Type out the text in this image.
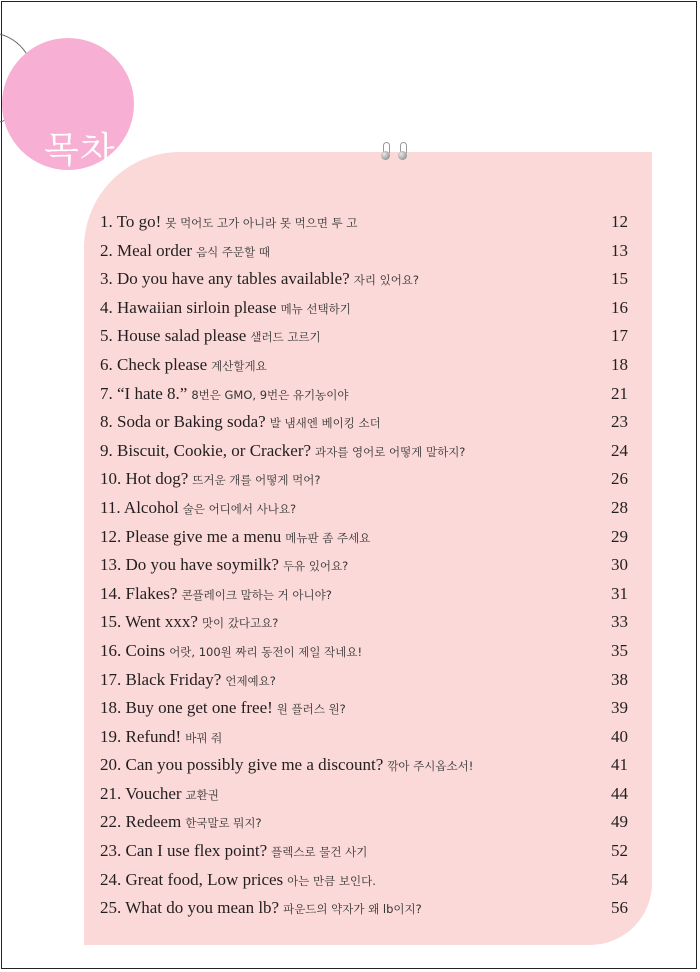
목차
1. To go! 못 먹어도 고가 아니라 못 먹으면 투 고	12
2. Meal order 음식 주문할 때	13
3. Do you have any tables available? 자리 있어요?	15
4. Hawaiian sirloin please 메뉴 선택하기	16
5. House salad please 샐러드 고르기	17
6. Check please 계산할게요	18
7. “I hate 8.” 8번은 GMO, 9번은 유기농이야	21
8. Soda or Baking soda? 발 냄새엔 베이킹 소더	23
9. Biscuit, Cookie, or Cracker? 과자를 영어로 어떻게 말하지?	24
10. Hot dog? 뜨거운 개를 어떻게 먹어?	26
11. Alcohol 술은 어디에서 사나요?	28
12. Please give me a menu 메뉴판 좀 주세요	29
13. Do you have soymilk? 두유 있어요?	30
14. Flakes? 콘플레이크 말하는 거 아니야?	31
15. Went xxx? 맛이 갔다고요?	33
16. Coins 어랏, 100원 짜리 동전이 제일 작네요!	35
17. Black Friday? 언제예요?	38
18. Buy one get one free! 원 플러스 원?	39
19. Refund! 바꿔 줘	40
20. Can you possibly give me a discount? 깎아 주시옵소서!	41
21. Voucher 교환권	44
22. Redeem 한국말로 뭐지?	49
23. Can I use flex point? 플렉스로 물건 사기	52
24. Great food, Low prices 아는 만큼 보인다.	54
25. What do you mean lb? 파운드의 약자가 왜 lb이지?	56
